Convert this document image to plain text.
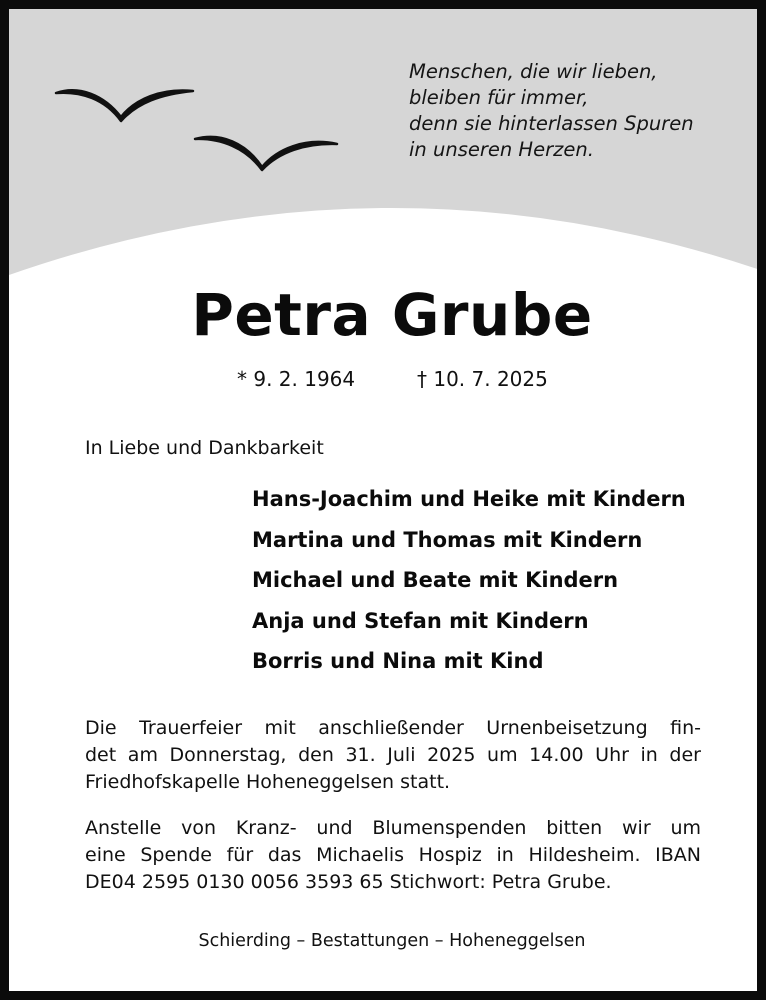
Menschen, die wir lieben,
bleiben für immer,
denn sie hinterlassen Spuren
in unseren Herzen.
Petra Grube
* 9. 2. 1964	† 10. 7. 2025
In Liebe und Dankbarkeit
Hans-Joachim und Heike mit Kindern
Martina und Thomas mit Kindern
Michael und Beate mit Kindern
Anja und Stefan mit Kindern
Borris und Nina mit Kind
Die Trauerfeier mit anschließender Urnenbeisetzung fin-
det am Donnerstag, den 31. Juli 2025 um 14.00 Uhr in der
Friedhofskapelle Hoheneggelsen statt.
Anstelle von Kranz- und Blumenspenden bitten wir um
eine Spende für das Michaelis Hospiz in Hildesheim. IBAN
DE04 2595 0130 0056 3593 65 Stichwort: Petra Grube.
Schierding – Bestattungen – Hoheneggelsen
